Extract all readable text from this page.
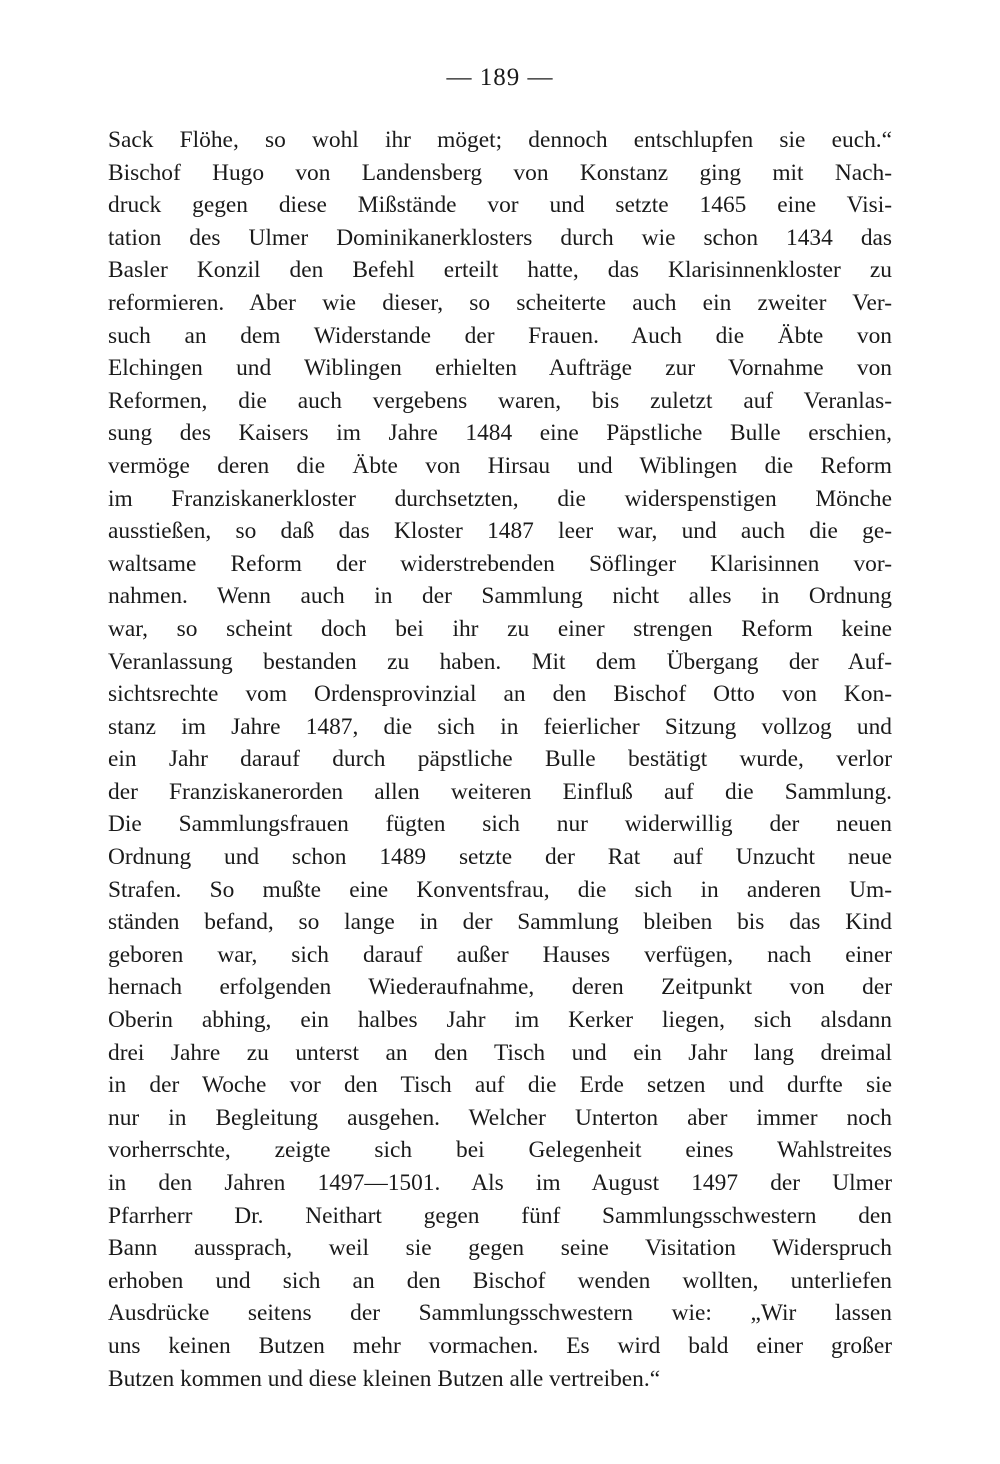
— 189 —
Sack Flöhe, so wohl ihr möget; dennoch entschlupfen sie euch.“
Bischof Hugo von Landensberg von Konstanz ging mit Nach-
druck gegen diese Mißstände vor und setzte 1465 eine Visi-
tation des Ulmer Dominikanerklosters durch wie schon 1434 das
Basler Konzil den Befehl erteilt hatte, das Klarisinnenkloster zu
reformieren. Aber wie dieser, so scheiterte auch ein zweiter Ver-
such an dem Widerstande der Frauen. Auch die Äbte von
Elchingen und Wiblingen erhielten Aufträge zur Vornahme von
Reformen, die auch vergebens waren, bis zuletzt auf Veranlas-
sung des Kaisers im Jahre 1484 eine Päpstliche Bulle erschien,
vermöge deren die Äbte von Hirsau und Wiblingen die Reform
im Franziskanerkloster durchsetzten, die widerspenstigen Mönche
ausstießen, so daß das Kloster 1487 leer war, und auch die ge-
waltsame Reform der widerstrebenden Söflinger Klarisinnen vor-
nahmen. Wenn auch in der Sammlung nicht alles in Ordnung
war, so scheint doch bei ihr zu einer strengen Reform keine
Veranlassung bestanden zu haben. Mit dem Übergang der Auf-
sichtsrechte vom Ordensprovinzial an den Bischof Otto von Kon-
stanz im Jahre 1487, die sich in feierlicher Sitzung vollzog und
ein Jahr darauf durch päpstliche Bulle bestätigt wurde, verlor
der Franziskanerorden allen weiteren Einfluß auf die Sammlung.
Die Sammlungsfrauen fügten sich nur widerwillig der neuen
Ordnung und schon 1489 setzte der Rat auf Unzucht neue
Strafen. So mußte eine Konventsfrau, die sich in anderen Um-
ständen befand, so lange in der Sammlung bleiben bis das Kind
geboren war, sich darauf außer Hauses verfügen, nach einer
hernach erfolgenden Wiederaufnahme, deren Zeitpunkt von der
Oberin abhing, ein halbes Jahr im Kerker liegen, sich alsdann
drei Jahre zu unterst an den Tisch und ein Jahr lang dreimal
in der Woche vor den Tisch auf die Erde setzen und durfte sie
nur in Begleitung ausgehen. Welcher Unterton aber immer noch
vorherrschte, zeigte sich bei Gelegenheit eines Wahlstreites
in den Jahren 1497—1501. Als im August 1497 der Ulmer
Pfarrherr Dr. Neithart gegen fünf Sammlungsschwestern den
Bann aussprach, weil sie gegen seine Visitation Widerspruch
erhoben und sich an den Bischof wenden wollten, unterliefen
Ausdrücke seitens der Sammlungsschwestern wie: „Wir lassen
uns keinen Butzen mehr vormachen. Es wird bald einer großer
Butzen kommen und diese kleinen Butzen alle vertreiben.“
